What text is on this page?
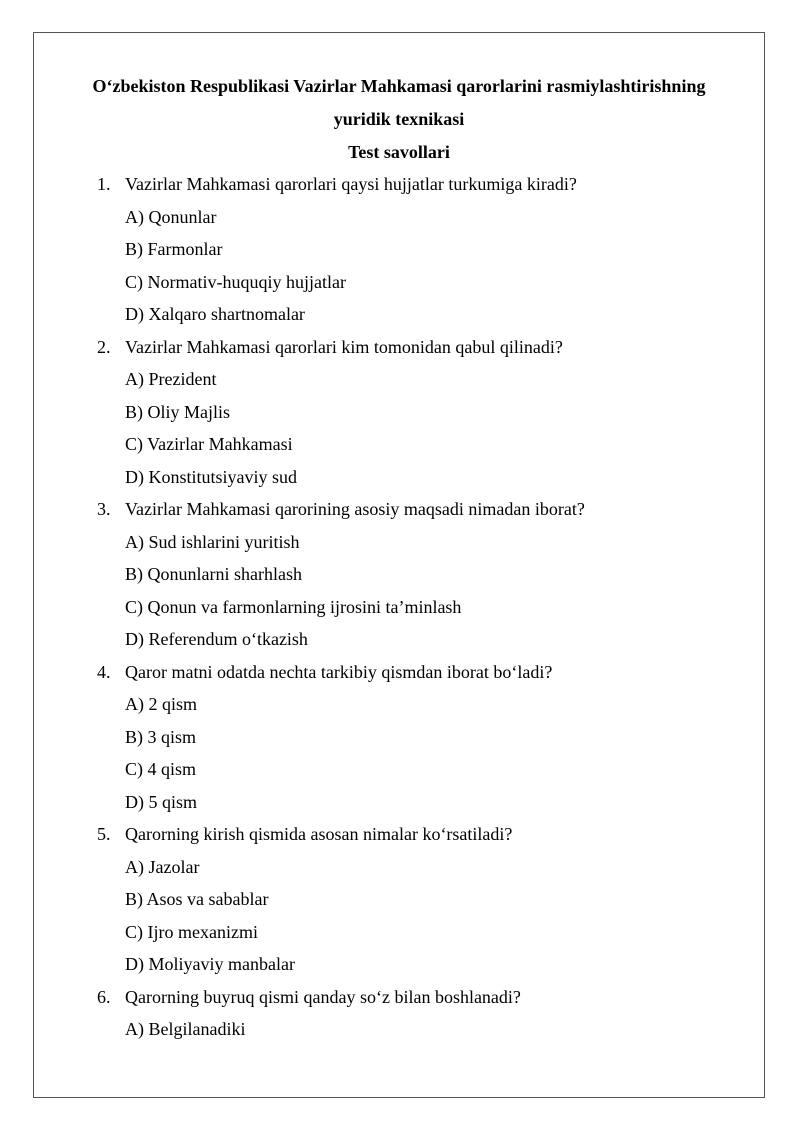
O‘zbekiston Respublikasi Vazirlar Mahkamasi qarorlarini rasmiylashtirishning
yuridik texnikasi
Test savollari
1. Vazirlar Mahkamasi qarorlari qaysi hujjatlar turkumiga kiradi?
A) Qonunlar
B) Farmonlar
C) Normativ-huquqiy hujjatlar
D) Xalqaro shartnomalar
2. Vazirlar Mahkamasi qarorlari kim tomonidan qabul qilinadi?
A) Prezident
B) Oliy Majlis
C) Vazirlar Mahkamasi
D) Konstitutsiyaviy sud
3. Vazirlar Mahkamasi qarorining asosiy maqsadi nimadan iborat?
A) Sud ishlarini yuritish
B) Qonunlarni sharhlash
C) Qonun va farmonlarning ijrosini ta’minlash
D) Referendum o‘tkazish
4. Qaror matni odatda nechta tarkibiy qismdan iborat bo‘ladi?
A) 2 qism
B) 3 qism
C) 4 qism
D) 5 qism
5. Qarorning kirish qismida asosan nimalar ko‘rsatiladi?
A) Jazolar
B) Asos va sabablar
C) Ijro mexanizmi
D) Moliyaviy manbalar
6. Qarorning buyruq qismi qanday so‘z bilan boshlanadi?
A) Belgilanadiki
